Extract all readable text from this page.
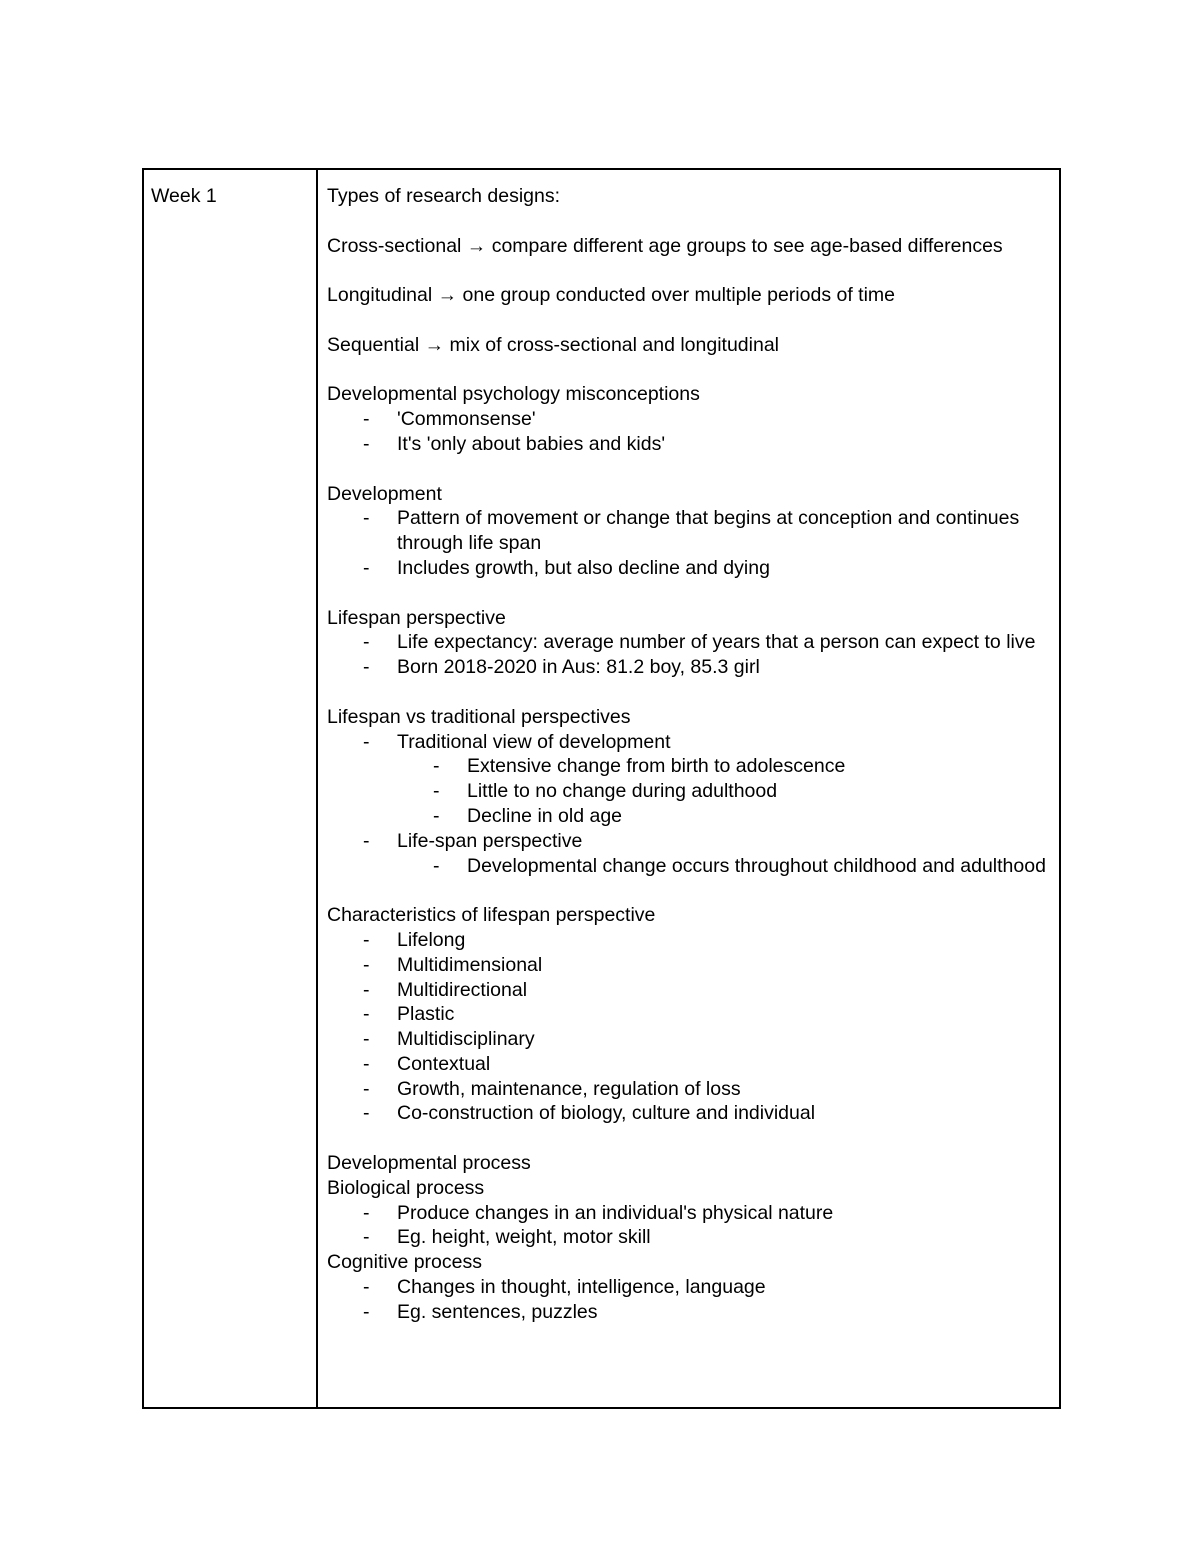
Week 1	Types of research designs:

Cross-sectional → compare different age groups to see age-based differences

Longitudinal → one group conducted over multiple periods of time

Sequential → mix of cross-sectional and longitudinal

Developmental psychology misconceptions

-	'Commonsense'
-	It's 'only about babies and kids'

Development

-	Pattern of movement or change that begins at conception and continues through life span
-	Includes growth, but also decline and dying

Lifespan perspective

-	Life expectancy: average number of years that a person can expect to live
-	Born 2018-2020 in Aus: 81.2 boy, 85.3 girl

Lifespan vs traditional perspectives

-	Traditional view of development
-	Extensive change from birth to adolescence
-	Little to no change during adulthood
-	Decline in old age
-	Life-span perspective
-	Developmental change occurs throughout childhood and adulthood

Characteristics of lifespan perspective

-	Lifelong
-	Multidimensional
-	Multidirectional
-	Plastic
-	Multidisciplinary
-	Contextual
-	Growth, maintenance, regulation of loss
-	Co-construction of biology, culture and individual

Developmental process

Biological process

-	Produce changes in an individual's physical nature
-	Eg. height, weight, motor skill

Cognitive process

-	Changes in thought, intelligence, language
-	Eg. sentences, puzzles
